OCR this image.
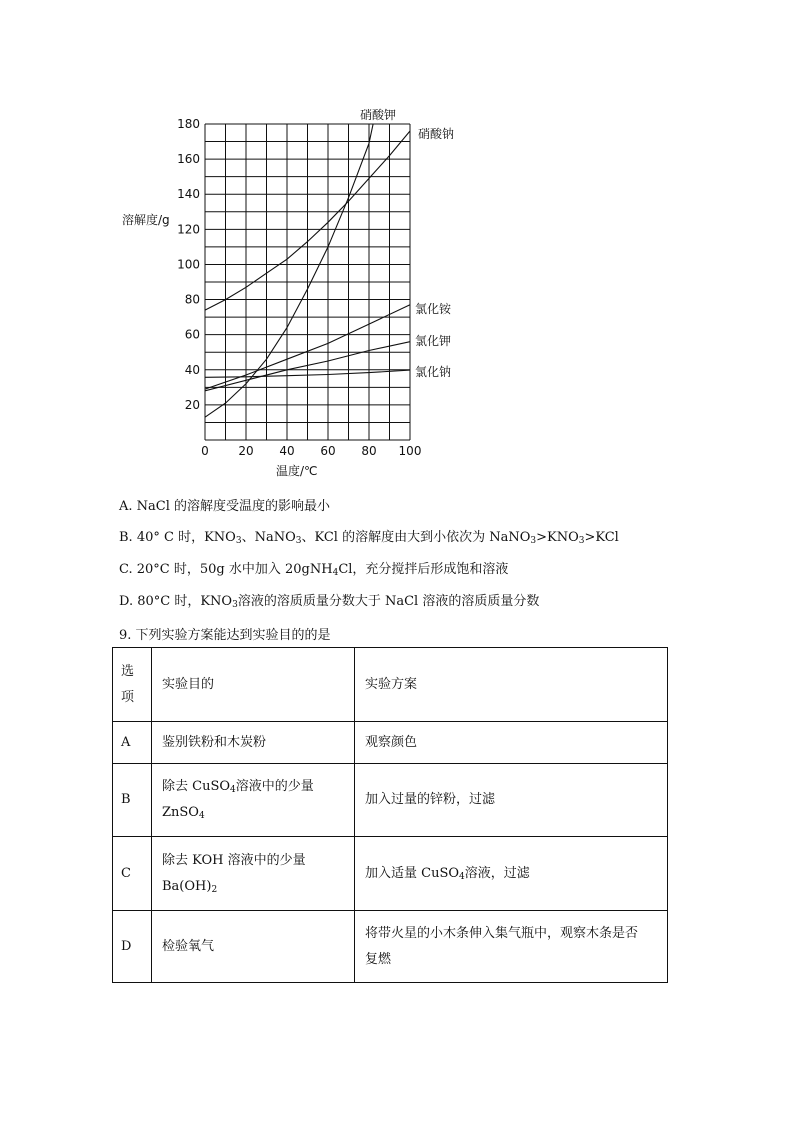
20
40
60
80
100
120
140
160
180
0 20 40 60 80 100
硝酸钾
硝酸钠
氯化铵
氯化钾
氯化钠
溶解度/g
温度/℃
A. NaCl 的溶解度受温度的影响最小
B. 40° C 时，$KNO_3$、NaNO$_3$、KCl 的溶解度由大到小依次为 $NaNO_3>KNO_3>KCl$
C. 20°C 时，50g 水中加入 20gNH$_4$Cl，充分搅拌后形成饱和溶液
D. 80°C 时，$KNO_3$溶液的溶质质量分数大于 NaCl 溶液的溶质质量分数
9. 下列实验方案能达到实验目的的是
选
项	实验目的	实验方案
A	鉴别铁粉和木炭粉	观察颜色
B	除去 CuSO$_4$溶液中的少量
ZnSO$_4$	加入过量的锌粉，过滤
C	除去 KOH 溶液中的少量
$Ba(OH)_2$	加入适量 CuSO$_4$溶液，过滤
D	检验氧气	将带火星的小木条伸入集气瓶中，观察木条是否
复燃
